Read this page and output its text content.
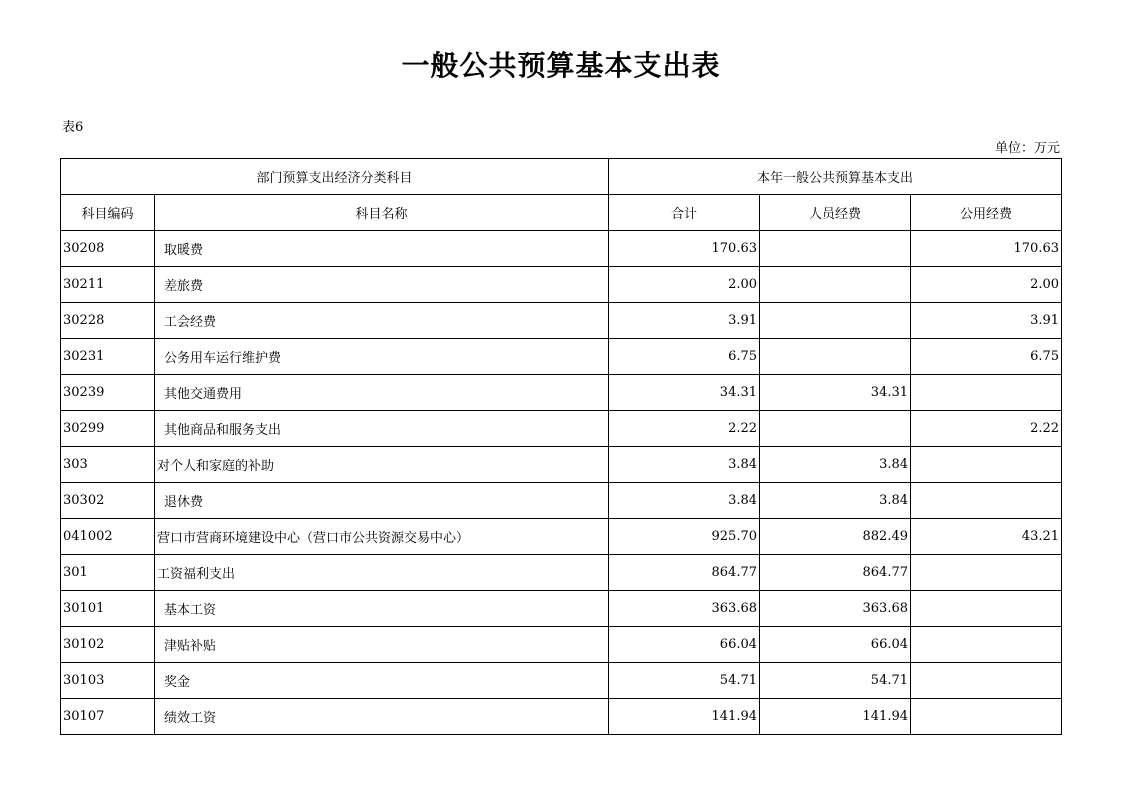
一般公共预算基本支出表
表6
单位：万元
部门预算支出经济分类科目		本年一般公共预算基本支出		
科目编码	科目名称	合计	人员经费	公用经费
30208	取暖费	170.63		170.63
30211	差旅费	2.00		2.00
30228	工会经费	3.91		3.91
30231	公务用车运行维护费	6.75		6.75
30239	其他交通费用	34.31	34.31	
30299	其他商品和服务支出	2.22		2.22
303	对个人和家庭的补助	3.84	3.84	
30302	退休费	3.84	3.84	
041002	营口市营商环境建设中心（营口市公共资源交易中心）	925.70	882.49	43.21
301	工资福利支出	864.77	864.77	
30101	基本工资	363.68	363.68	
30102	津贴补贴	66.04	66.04	
30103	奖金	54.71	54.71	
30107	绩效工资	141.94	141.94	
